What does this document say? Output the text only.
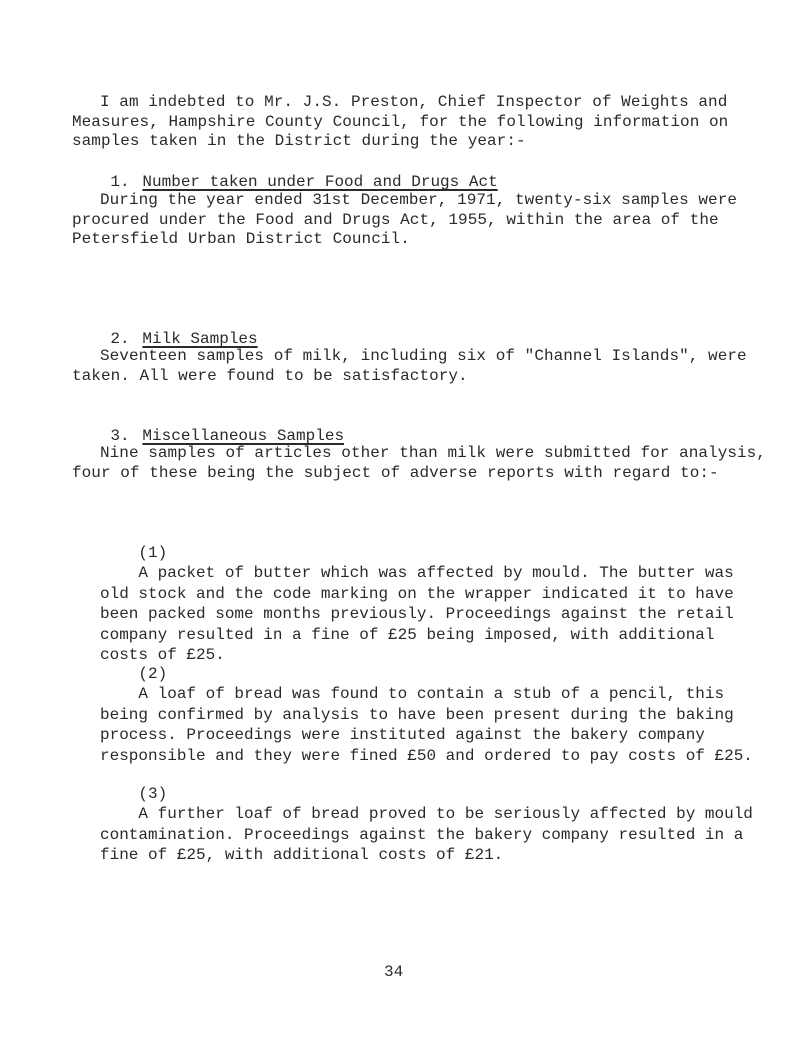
I am indebted to Mr. J.S. Preston, Chief Inspector of Weights and Measures, Hampshire County Council, for the following information on samples taken in the District during the year:-

1. Number taken under Food and Drugs Act

During the year ended 31st December, 1971, twenty-six samples were procured under the Food and Drugs Act, 1955, within the area of the Petersfield Urban District Council.

2. Milk Samples

Seventeen samples of milk, including six of "Channel Islands", were taken. All were found to be satisfactory.

3. Miscellaneous Samples

Nine samples of articles other than milk were submitted for analysis, four of these being the subject of adverse reports with regard to:-

(1)
A packet of butter which was affected by mould. The butter was old stock and the code marking on the wrapper indicated it to have been packed some months previously. Proceedings against the retail company resulted in a fine of £25 being imposed, with additional costs of £25.

(2)
A loaf of bread was found to contain a stub of a pencil, this being confirmed by analysis to have been present during the baking process. Proceedings were instituted against the bakery company responsible and they were fined £50 and ordered to pay costs of £25.

(3)
A further loaf of bread proved to be seriously affected by mould contamination. Proceedings against the bakery company resulted in a fine of £25, with additional costs of £21.

34
